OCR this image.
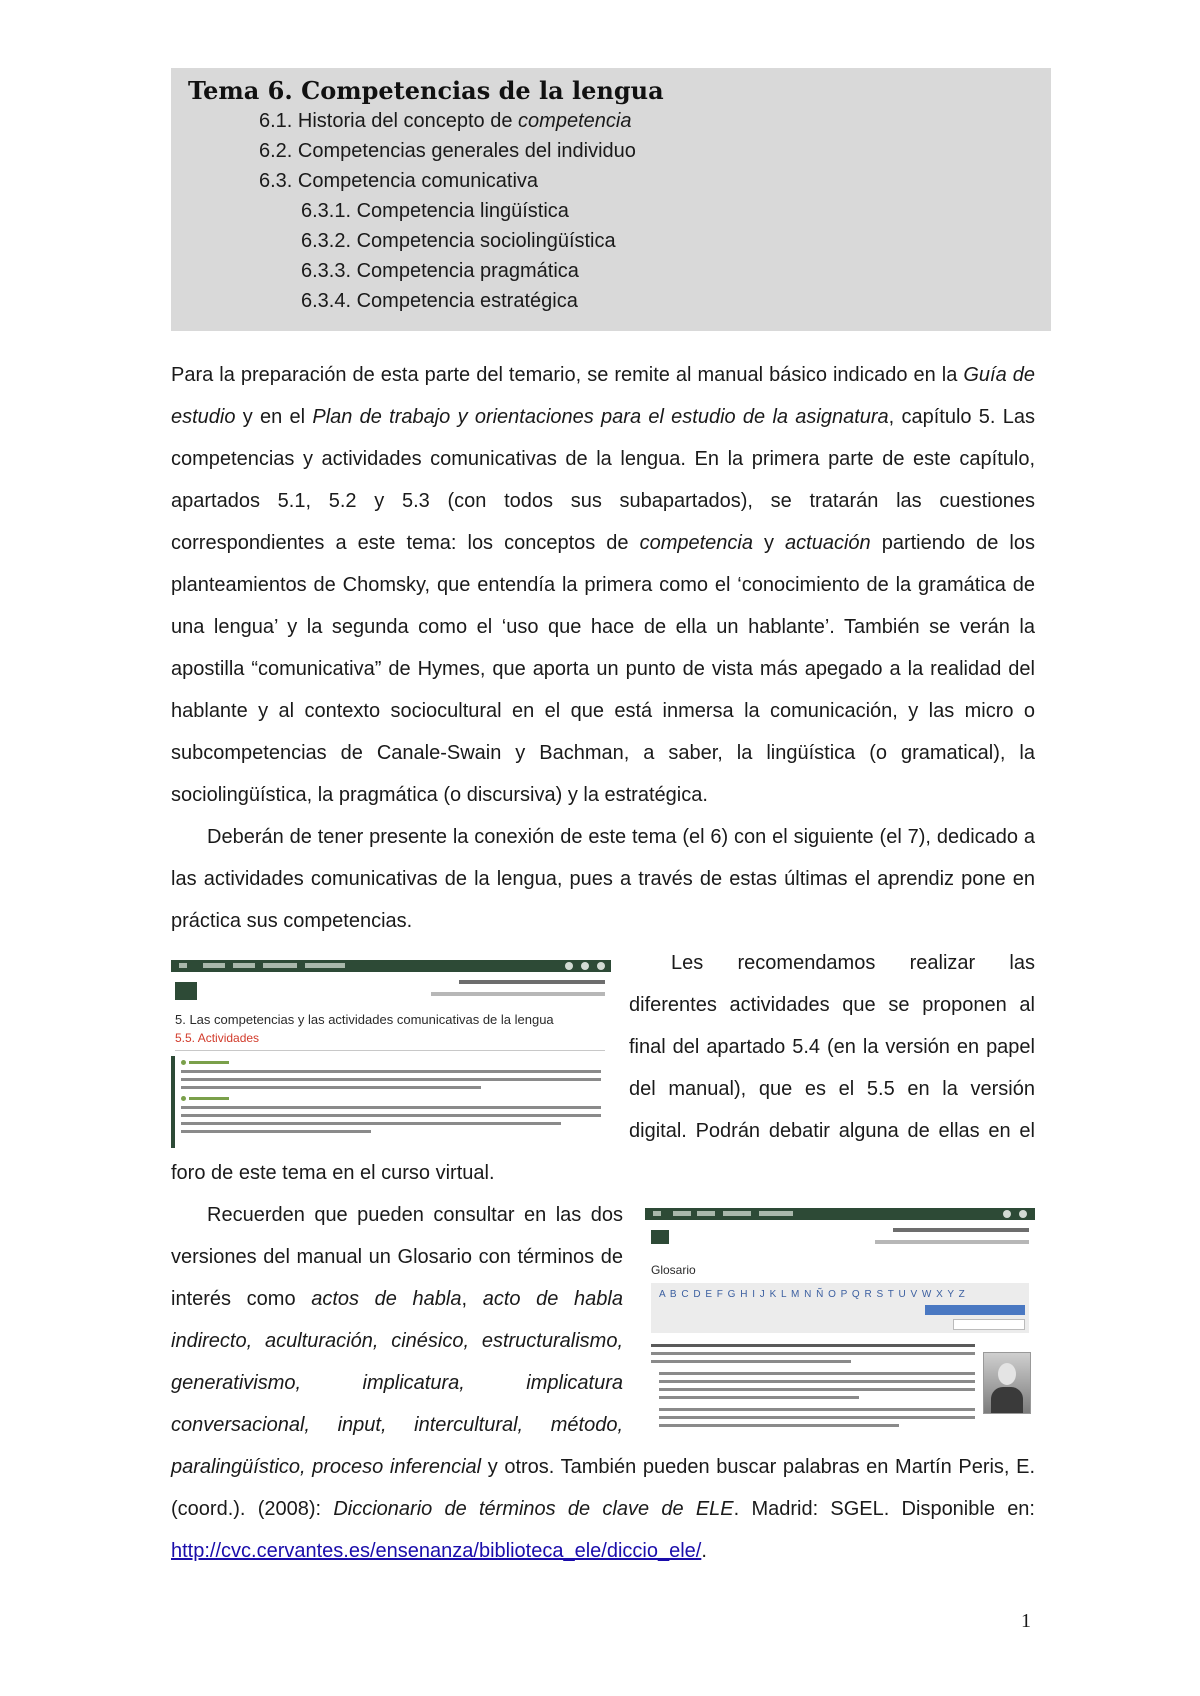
Tema 6. Competencias de la lengua
6.1. Historia del concepto de competencia
6.2. Competencias generales del individuo
6.3. Competencia comunicativa
6.3.1. Competencia lingüística
6.3.2. Competencia sociolingüística
6.3.3. Competencia pragmática
6.3.4. Competencia estratégica
Para la preparación de esta parte del temario, se remite al manual básico indicado en la Guía de
estudio y en el Plan de trabajo y orientaciones para el estudio de la asignatura, capítulo 5. Las
competencias y actividades comunicativas de la lengua. En la primera parte de este capítulo,
apartados 5.1, 5.2 y 5.3 (con todos sus subapartados), se tratarán las cuestiones
correspondientes a este tema: los conceptos de competencia y actuación partiendo de los
planteamientos de Chomsky, que entendía la primera como el ‘conocimiento de la gramática de
una lengua’ y la segunda como el ‘uso que hace de ella un hablante’. También se verán la
apostilla “comunicativa” de Hymes, que aporta un punto de vista más apegado a la realidad del
hablante y al contexto sociocultural en el que está inmersa la comunicación, y las micro o
subcompetencias de Canale-Swain y Bachman, a saber, la lingüística (o gramatical), la
sociolingüística, la pragmática (o discursiva) y la estratégica.
Deberán de tener presente la conexión de este tema (el 6) con el siguiente (el 7), dedicado a
las actividades comunicativas de la lengua, pues a través de estas últimas el aprendiz pone en
práctica sus competencias.
5. Las competencias y las actividades comunicativas de la lengua
5.5. Actividades
Les recomendamos realizar las
diferentes actividades que se proponen al
final del apartado 5.4 (en la versión en papel
del manual), que es el 5.5 en la versión
digital. Podrán debatir alguna de ellas en el
foro de este tema en el curso virtual.
Recuerden que pueden consultar en las dos
versiones del manual un Glosario con términos de
interés como actos de habla, acto de habla
indirecto, aculturación, cinésico, estructuralismo,
generativismo, implicatura, implicatura
conversacional, input, intercultural, método,
paralingüístico, proceso inferencial y otros. También pueden buscar palabras en Martín Peris, E.
(coord.). (2008): Diccionario de términos de clave de ELE. Madrid: SGEL. Disponible en:
http://cvc.cervantes.es/ensenanza/biblioteca_ele/diccio_ele/.
Glosario
A B C D E F G H I J K L M N Ñ O P Q R S T U V W X Y Z
1
